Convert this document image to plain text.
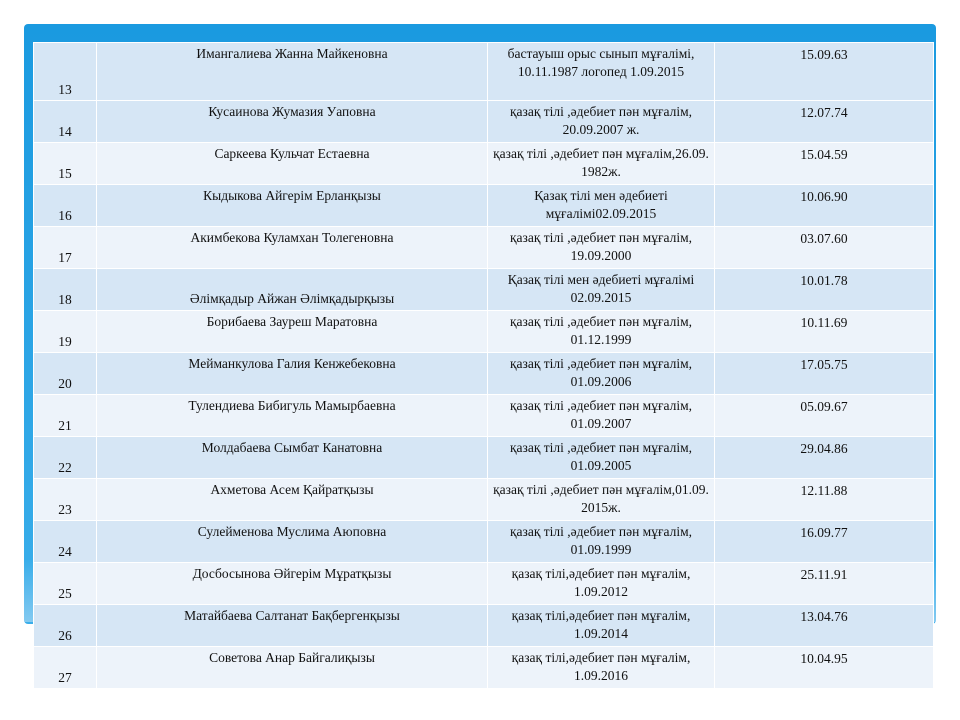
13	Имангалиева Жанна Майкеновна	бастауыш орыс сынып мұғалімі, 10.11.1987 логопед 1.09.2015	15.09.63
14	Кусаинова Жумазия Уаповна	қазақ тілі ,әдебиет пән мұғалім, 20.09.2007 ж.	12.07.74
15	Саркеева Кульчат Естаевна	қазақ тілі ,әдебиет пән мұғалім,26.09. 1982ж.	15.04.59
16	Кыдыкова Айгерім Ерланқызы	Қазақ тілі мен әдебиеті мұғалімі02.09.2015	10.06.90
17	Акимбекова Куламхан Толегеновна	қазақ тілі ,әдебиет пән мұғалім, 19.09.2000	03.07.60
18	Әлімқадыр Айжан Әлімқадырқызы	Қазақ тілі мен әдебиеті мұғалімі 02.09.2015	10.01.78
19	Борибаева Зауреш Маратовна	қазақ тілі ,әдебиет пән мұғалім, 01.12.1999	10.11.69
20	Мейманкулова Галия Кенжебековна	қазақ тілі ,әдебиет пән мұғалім, 01.09.2006	17.05.75
21	Тулендиева Бибигуль Мамырбаевна	қазақ тілі ,әдебиет пән мұғалім, 01.09.2007	05.09.67
22	Молдабаева Сымбат Канатовна	қазақ тілі ,әдебиет пән мұғалім, 01.09.2005	29.04.86
23	Ахметова Асем Қайратқызы	қазақ тілі ,әдебиет пән мұғалім,01.09. 2015ж.	12.11.88
24	Сулейменова Муслима Аюповна	қазақ тілі ,әдебиет пән мұғалім, 01.09.1999	16.09.77
25	Досбосынова Әйгерім Мұратқызы	қазақ тілі,әдебиет пән мұғалім, 1.09.2012	25.11.91
26	Матайбаева Салтанат Бақбергенқызы	қазақ тілі,әдебиет пән мұғалім, 1.09.2014	13.04.76
27	Советова Анар Байгалиқызы	қазақ тілі,әдебиет пән мұғалім, 1.09.2016	10.04.95
